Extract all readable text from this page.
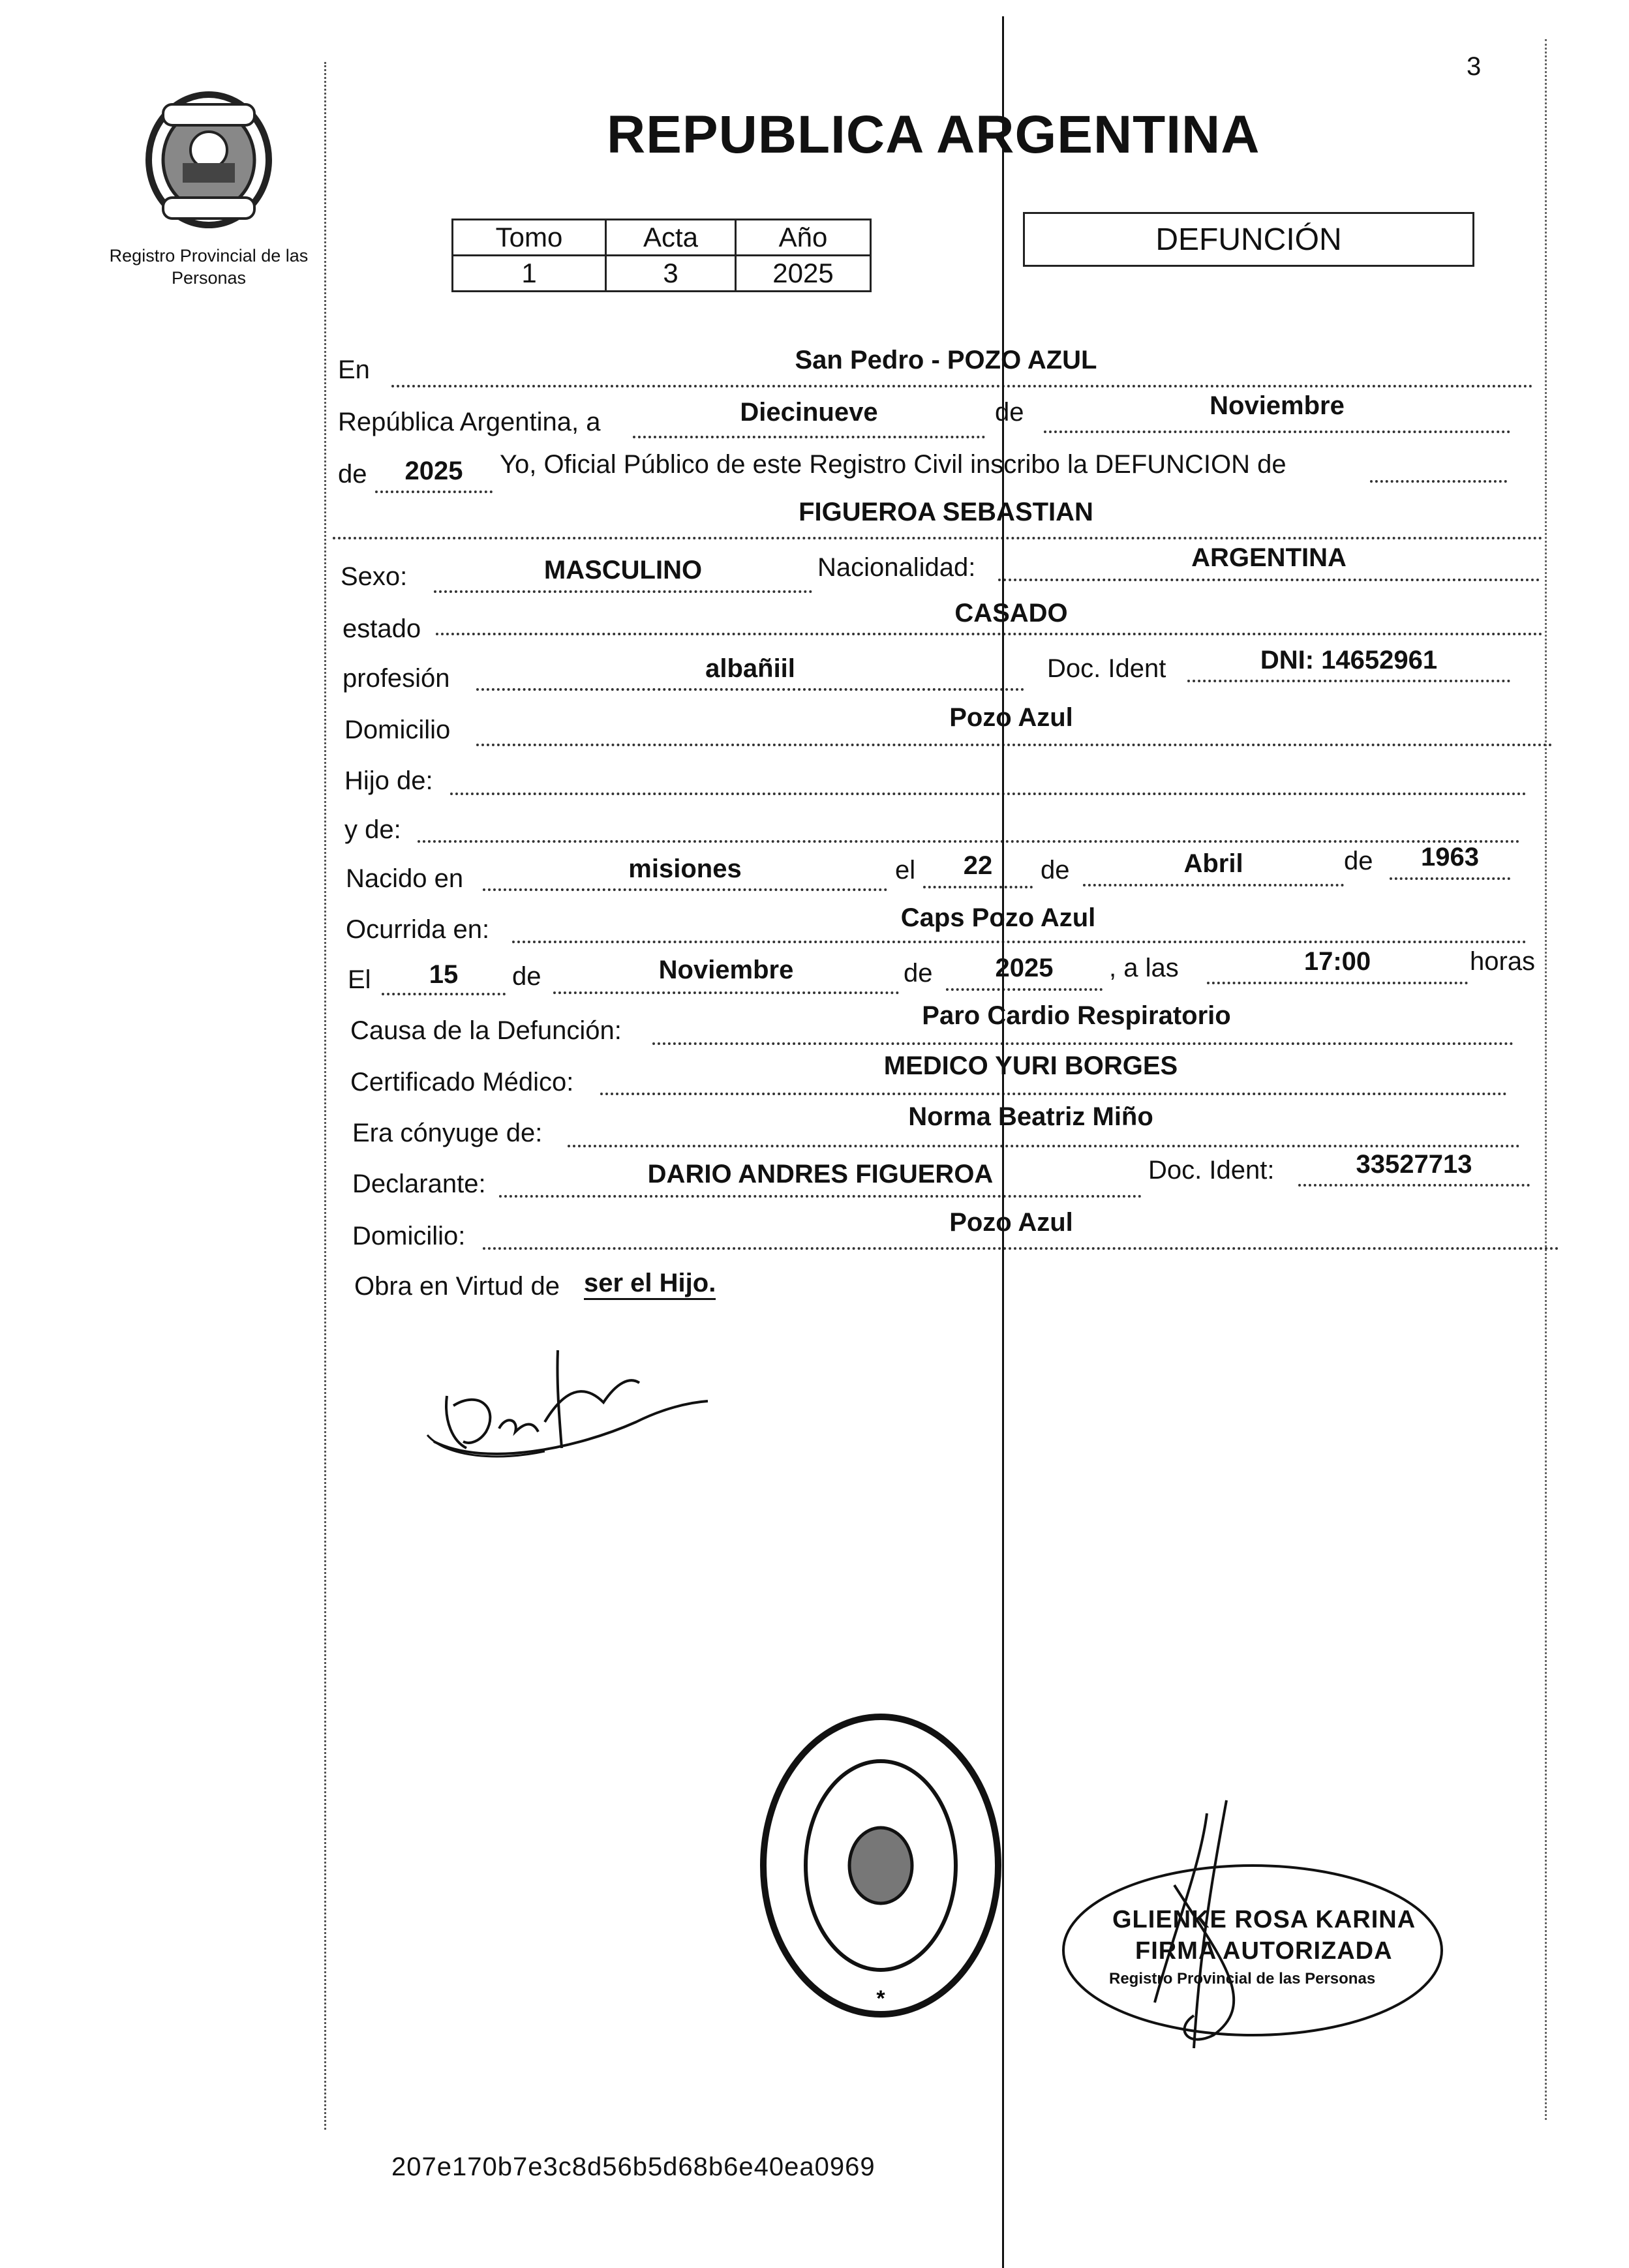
Registro Provincial de las Personas
3
REPUBLICA ARGENTINA
Tomo	Acta	Año
1	3	2025
DEFUNCIÓN
En	San Pedro - POZO AZUL
República Argentina, a	Diecinueve	de	Noviembre
de	2025	Yo, Oficial Público de este Registro Civil inscribo la DEFUNCION de
FIGUEROA SEBASTIAN
Sexo:	MASCULINO	Nacionalidad:	ARGENTINA
estado
CASADO
profesión	albañiil	Doc. Ident	DNI: 14652961
Domicilio	Pozo Azul
Hijo de:
y de:
Nacido en	misiones	el	22	de	Abril	de	1963
Ocurrida en:	Caps Pozo Azul
El	15	de	Noviembre	de	2025	, a las	17:00	horas
Causa de la Defunción:
Paro Cardio Respiratorio
Certificado Médico:
MEDICO YURI BORGES
Era cónyuge de:
Norma Beatriz Miño
Declarante:	DARIO ANDRES FIGUEROA	Doc. Ident:	33527713
Domicilio:	Pozo Azul
Obra en Virtud de ser el Hijo.
*
GLIENKE ROSA KARINA
FIRMA AUTORIZADA
Registro Provincial de las Personas
207e170b7e3c8d56b5d68b6e40ea0969
